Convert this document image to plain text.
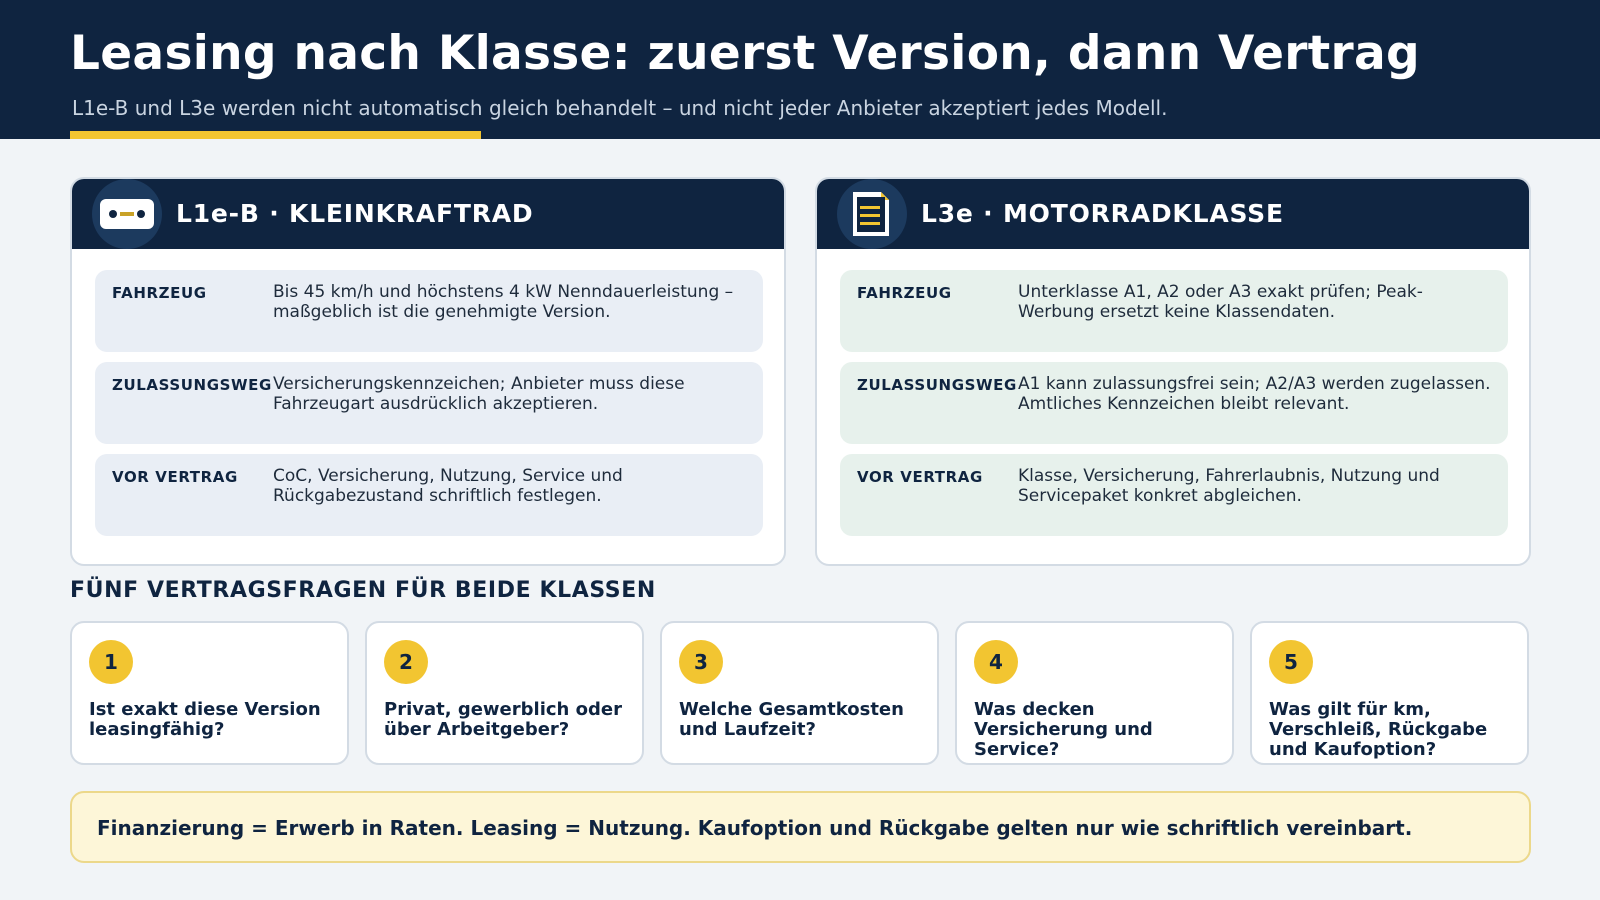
Leasing nach Klasse: zuerst Version, dann Vertrag
L1e-B und L3e werden nicht automatisch gleich behandelt – und nicht jeder Anbieter akzeptiert jedes Modell.
L1e-B · KLEINKRAFTRAD
FAHRZEUG	Bis 45 km/h und höchstens 4 kW Nenndauerleistung – maßgeblich ist die genehmigte Version.
ZULASSUNGSWEG Versicherungskennzeichen; Anbieter muss diese Fahrzeugart ausdrücklich akzeptieren.
VOR VERTRAG CoC, Versicherung, Nutzung, Service und Rückgabezustand schriftlich festlegen.
L3e · MOTORRADKLASSE
FAHRZEUG	Unterklasse A1, A2 oder A3 exakt prüfen; Peak-Werbung ersetzt keine Klassendaten.
ZULASSUNGSWEG A1 kann zulassungsfrei sein; A2/A3 werden zugelassen. Amtliches Kennzeichen bleibt relevant.
VOR VERTRAG Klasse, Versicherung, Fahrerlaubnis, Nutzung und Servicepaket konkret abgleichen.
FÜNF VERTRAGSFRAGEN FÜR BEIDE KLASSEN
1
Ist exakt diese Version leasingfähig?
2
Privat, gewerblich oder über Arbeitgeber?
3
Welche Gesamtkosten und Laufzeit?
4
Was decken Versicherung und Service?
5
Was gilt für km, Verschleiß, Rückgabe und Kaufoption?
Finanzierung = Erwerb in Raten. Leasing = Nutzung. Kaufoption und Rückgabe gelten nur wie schriftlich vereinbart.
